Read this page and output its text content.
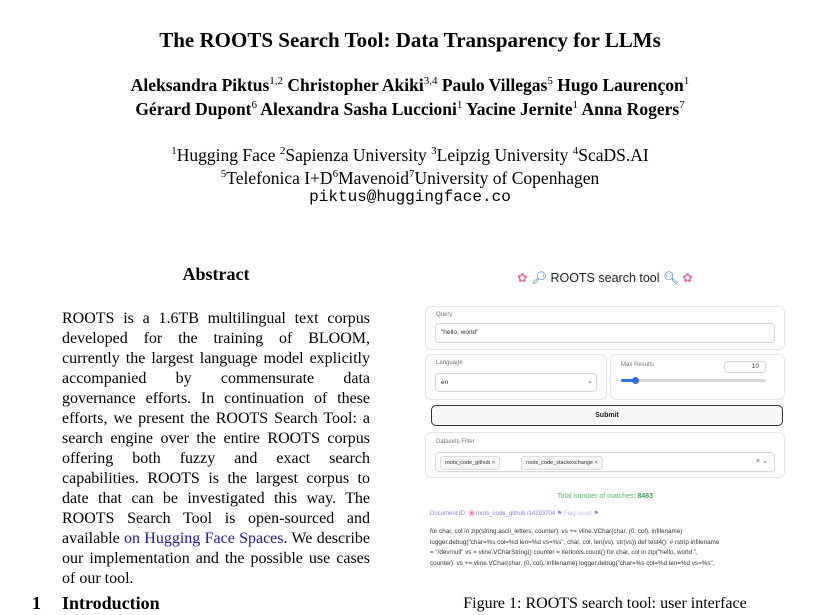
The ROOTS Search Tool: Data Transparency for LLMs
Aleksandra Piktus$^{1,2}$ Christopher Akiki$^{3,4}$ Paulo Villegas$^5$ Hugo Laurençon$^1$
Gérard Dupont$^6$ Alexandra Sasha Luccioni$^1$ Yacine Jernite$^1$ Anna Rogers$^7$
$^1$Hugging Face $^2$Sapienza University $^3$Leipzig University $^4$ScaDS.AI
$^5$Telefonica $I+D^6Mavenoid^7University$ of Copenhagen
piktus@huggingface.co
Abstract
ROOTS is a 1.6TB multilingual text corpus developed for the training of BLOOM, currently the largest language model explicitly accompanied by commensurate data governance efforts. In continuation of these efforts, we present the ROOTS Search Tool: a search engine over the entire ROOTS corpus offering both fuzzy and exact search capabilities. ROOTS is the largest corpus to date that can be investigated this way. The ROOTS Search Tool is open-sourced and available on Hugging Face Spaces. We describe our implementation and the possible use cases of our tool.
1 Introduction
✿ 🔎︎ ROOTS search tool 🔍︎ ✿
Query
"hello, world"
Language
en	⌄
Max Results	10
Submit
Datasets Filter
roots_code_github ×	roots_code_stackexchange ×	× ⌄
Total number of matches: 8463
Document ID: 🌸roots_code_github /14293704 ⚑ Flag result ⚑
for char, col in zip(string.ascii_letters, counter): vs += vline.VChar(char, (0, col), infilename)
logger.debug("char=%s col=%d len=%d vs=%s", char, col, len(vs), str(vs)) def test4(): # rstrip infilename
= "/dev/null" vs = vline.VCharString() counter = itertools.count() for char, col in zip("hello, world ",
counter): vs += vline.VChar(char, (0, col), infilename) logger.debug("char=%s col=%d len=%d vs=%s",
Figure 1: ROOTS search tool: user interface
